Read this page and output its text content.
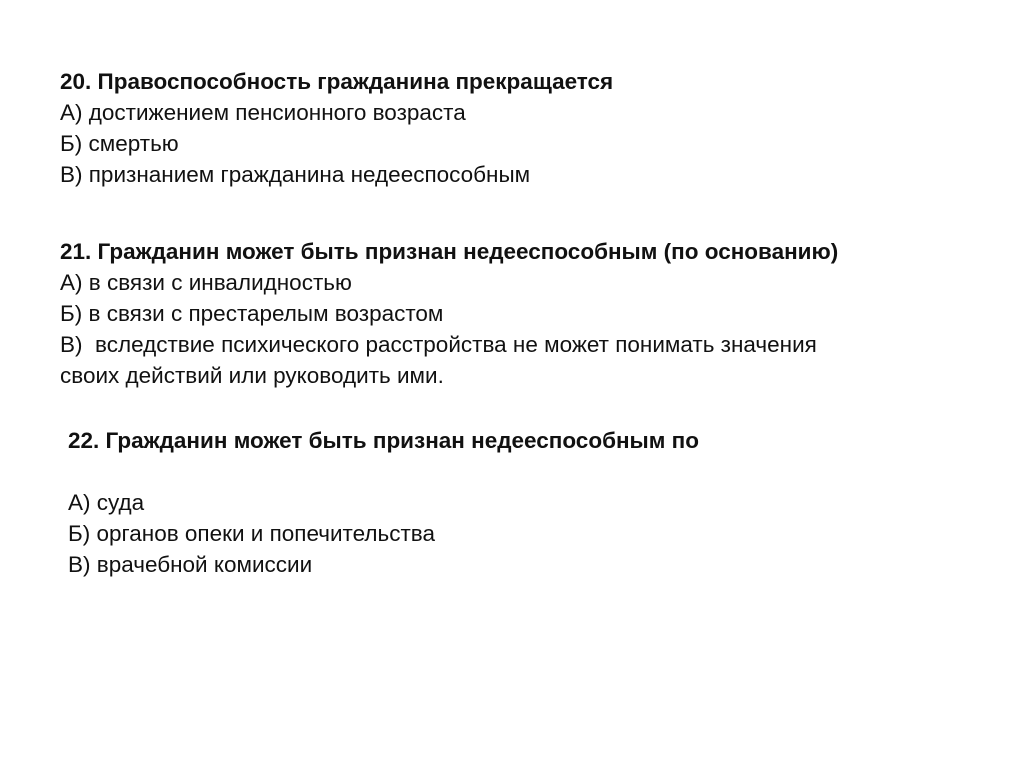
20. Правоспособность гражданина прекращается
А) достижением пенсионного возраста
Б) смертью
В) признанием гражданина недееспособным
21. Гражданин может быть признан недееспособным (по основанию)
А) в связи с инвалидностью
Б) в связи с престарелым возрастом
В)  вследствие психического расстройства не может понимать значения
своих действий или руководить ими.
22. Гражданин может быть признан недееспособным по
А) суда
Б) органов опеки и попечительства
В) врачебной комиссии
